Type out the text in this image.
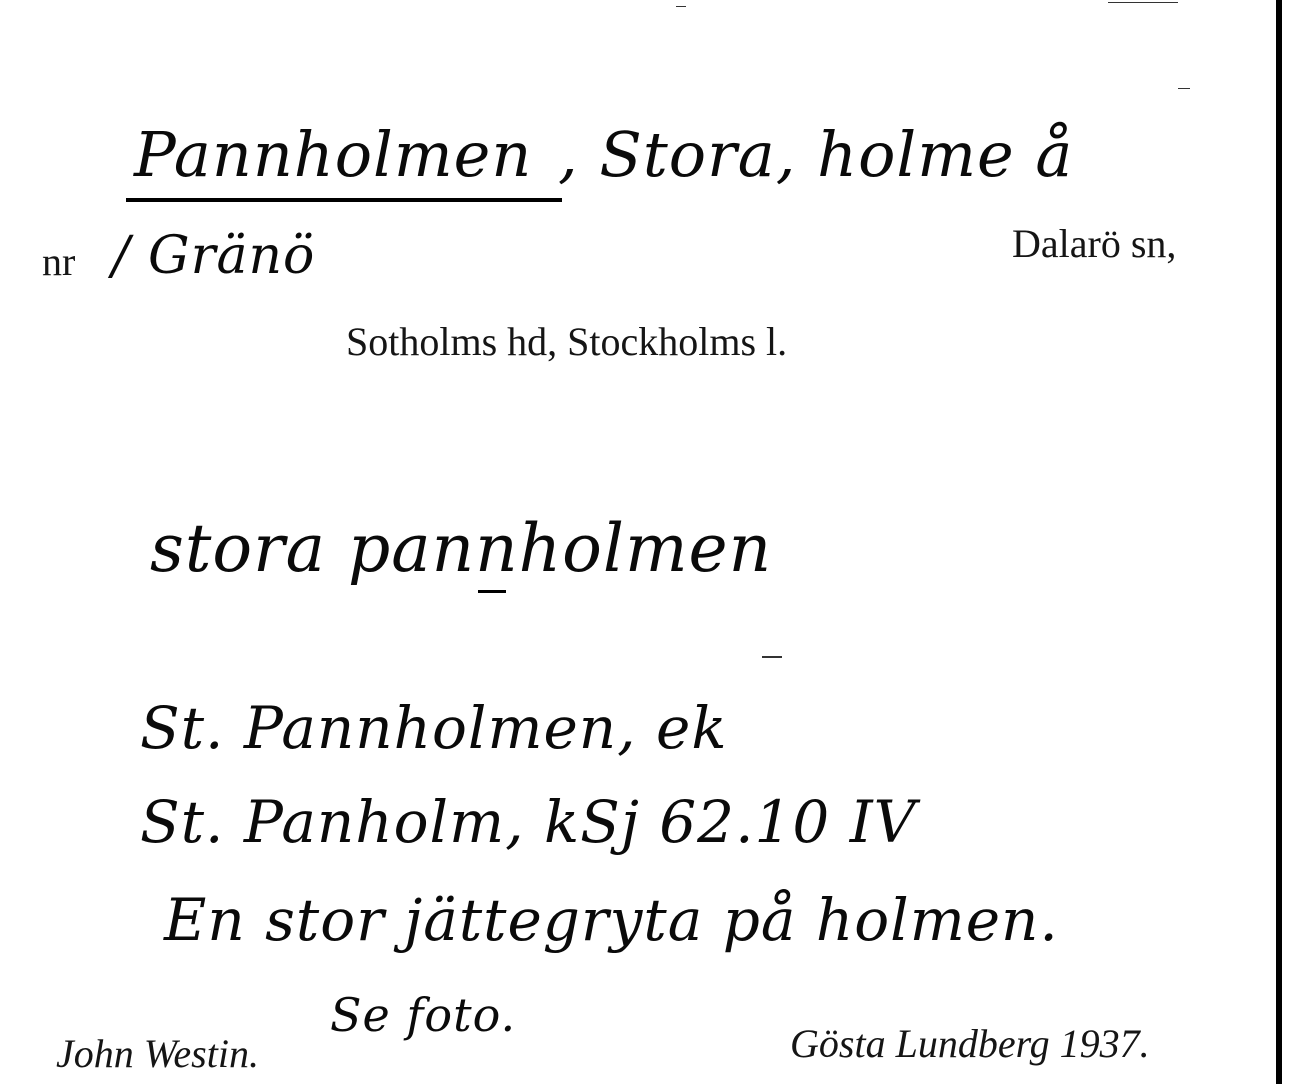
Pannholmen , Stora, holme å
nr / Gränö	Dalarö sn,
Sotholms hd, Stockholms l.
stora pannholmen
St. Pannholmen, ek
St. Panholm, kSj 62.10 IV
En stor jättegryta på holmen.
Se foto.
John Westin.	Gösta Lundberg 1937.
